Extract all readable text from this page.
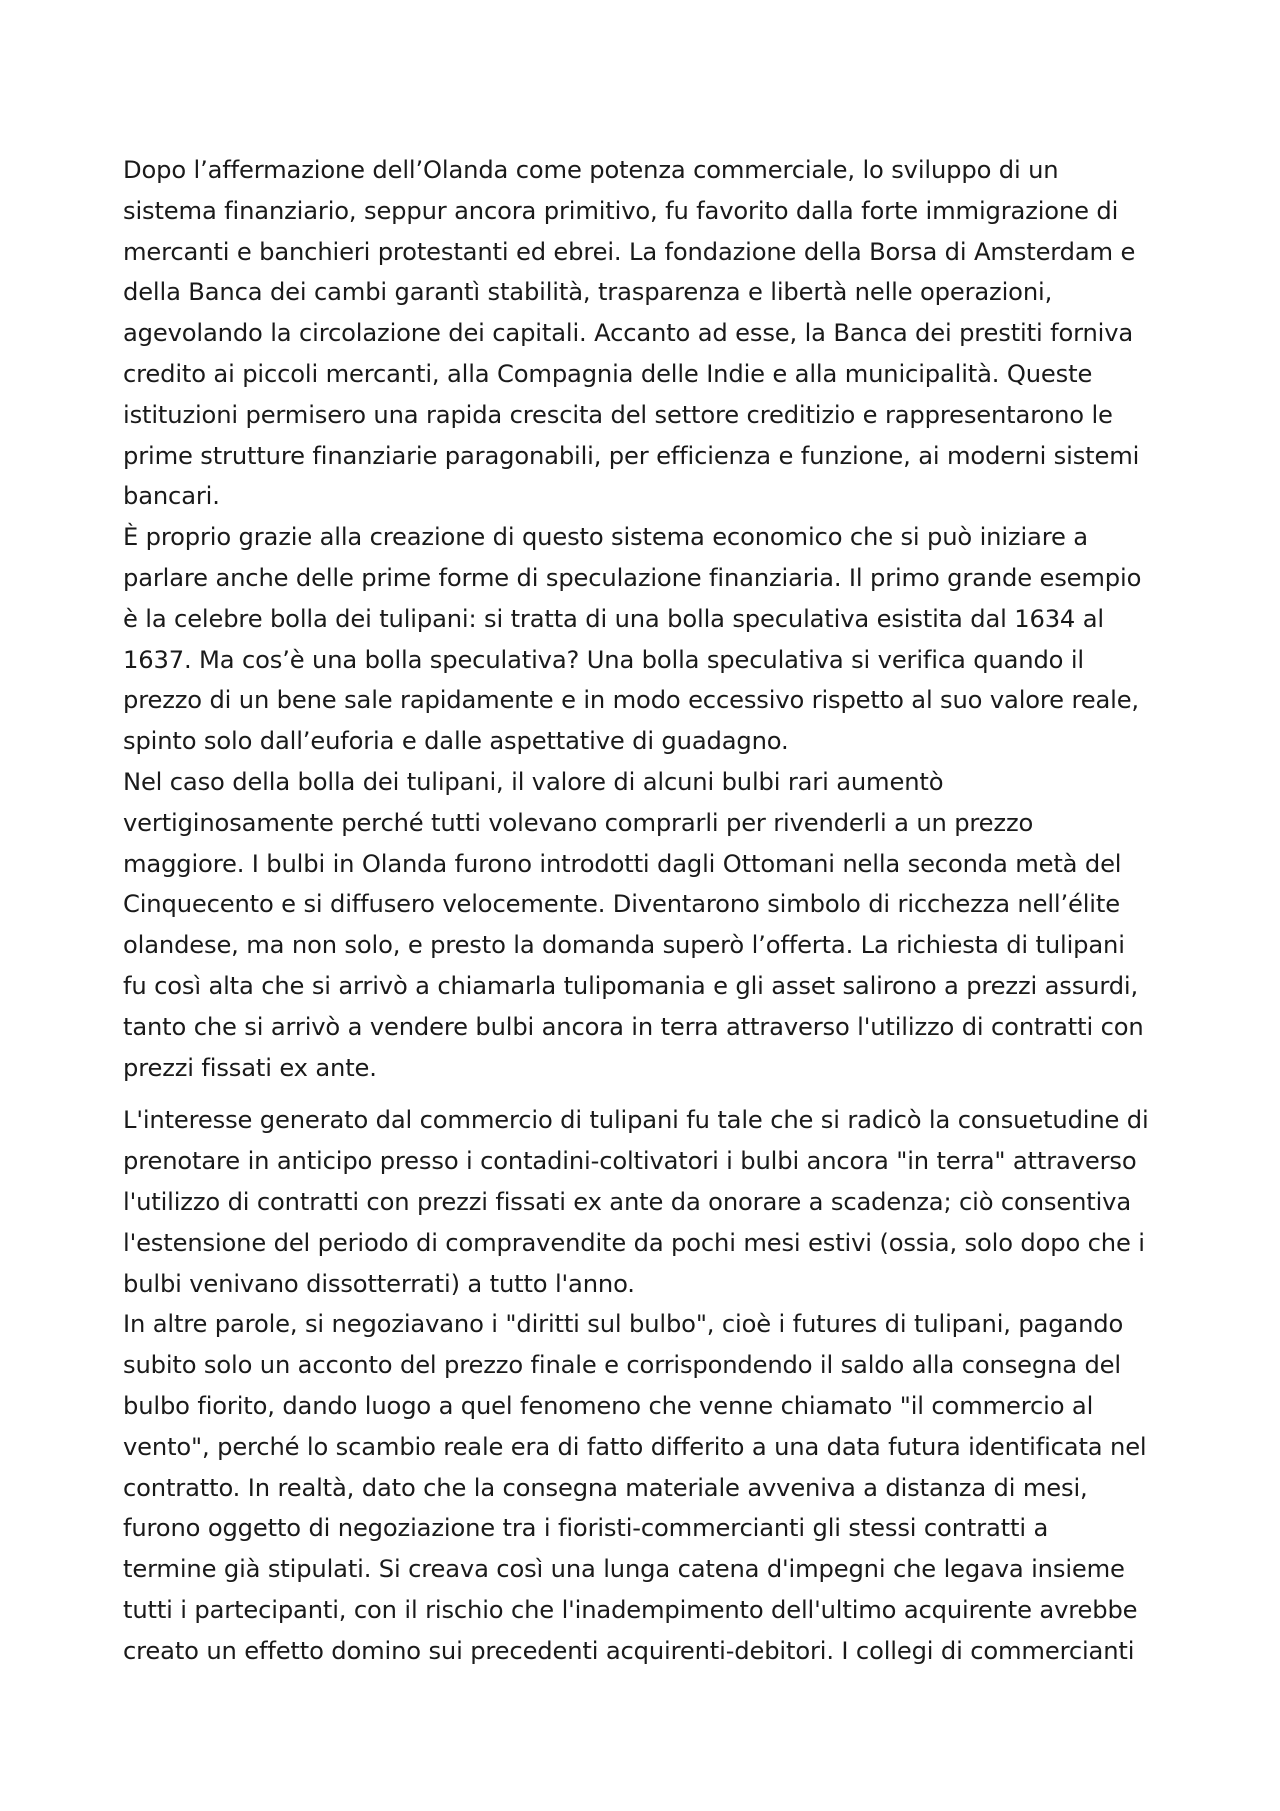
Dopo l’affermazione dell’Olanda come potenza commerciale, lo sviluppo di un
sistema finanziario, seppur ancora primitivo, fu favorito dalla forte immigrazione di
mercanti e banchieri protestanti ed ebrei. La fondazione della Borsa di Amsterdam e
della Banca dei cambi garantì stabilità, trasparenza e libertà nelle operazioni,
agevolando la circolazione dei capitali. Accanto ad esse, la Banca dei prestiti forniva
credito ai piccoli mercanti, alla Compagnia delle Indie e alla municipalità. Queste
istituzioni permisero una rapida crescita del settore creditizio e rappresentarono le
prime strutture finanziarie paragonabili, per efficienza e funzione, ai moderni sistemi
bancari.
È proprio grazie alla creazione di questo sistema economico che si può iniziare a
parlare anche delle prime forme di speculazione finanziaria. Il primo grande esempio
è la celebre bolla dei tulipani: si tratta di una bolla speculativa esistita dal 1634 al
1637. Ma cos’è una bolla speculativa? Una bolla speculativa si verifica quando il
prezzo di un bene sale rapidamente e in modo eccessivo rispetto al suo valore reale,
spinto solo dall’euforia e dalle aspettative di guadagno.
Nel caso della bolla dei tulipani, il valore di alcuni bulbi rari aumentò
vertiginosamente perché tutti volevano comprarli per rivenderli a un prezzo
maggiore. I bulbi in Olanda furono introdotti dagli Ottomani nella seconda metà del
Cinquecento e si diffusero velocemente. Diventarono simbolo di ricchezza nell’élite
olandese, ma non solo, e presto la domanda superò l’offerta. La richiesta di tulipani
fu così alta che si arrivò a chiamarla tulipomania e gli asset salirono a prezzi assurdi,
tanto che si arrivò a vendere bulbi ancora in terra attraverso l'utilizzo di contratti con
prezzi fissati ex ante.
L'interesse generato dal commercio di tulipani fu tale che si radicò la consuetudine di
prenotare in anticipo presso i contadini-coltivatori i bulbi ancora "in terra" attraverso
l'utilizzo di contratti con prezzi fissati ex ante da onorare a scadenza; ciò consentiva
l'estensione del periodo di compravendite da pochi mesi estivi (ossia, solo dopo che i
bulbi venivano dissotterrati) a tutto l'anno.
In altre parole, si negoziavano i "diritti sul bulbo", cioè i futures di tulipani, pagando
subito solo un acconto del prezzo finale e corrispondendo il saldo alla consegna del
bulbo fiorito, dando luogo a quel fenomeno che venne chiamato "il commercio al
vento", perché lo scambio reale era di fatto differito a una data futura identificata nel
contratto. In realtà, dato che la consegna materiale avveniva a distanza di mesi,
furono oggetto di negoziazione tra i fioristi-commercianti gli stessi contratti a
termine già stipulati. Si creava così una lunga catena d'impegni che legava insieme
tutti i partecipanti, con il rischio che l'inadempimento dell'ultimo acquirente avrebbe
creato un effetto domino sui precedenti acquirenti-debitori. I collegi di commercianti
